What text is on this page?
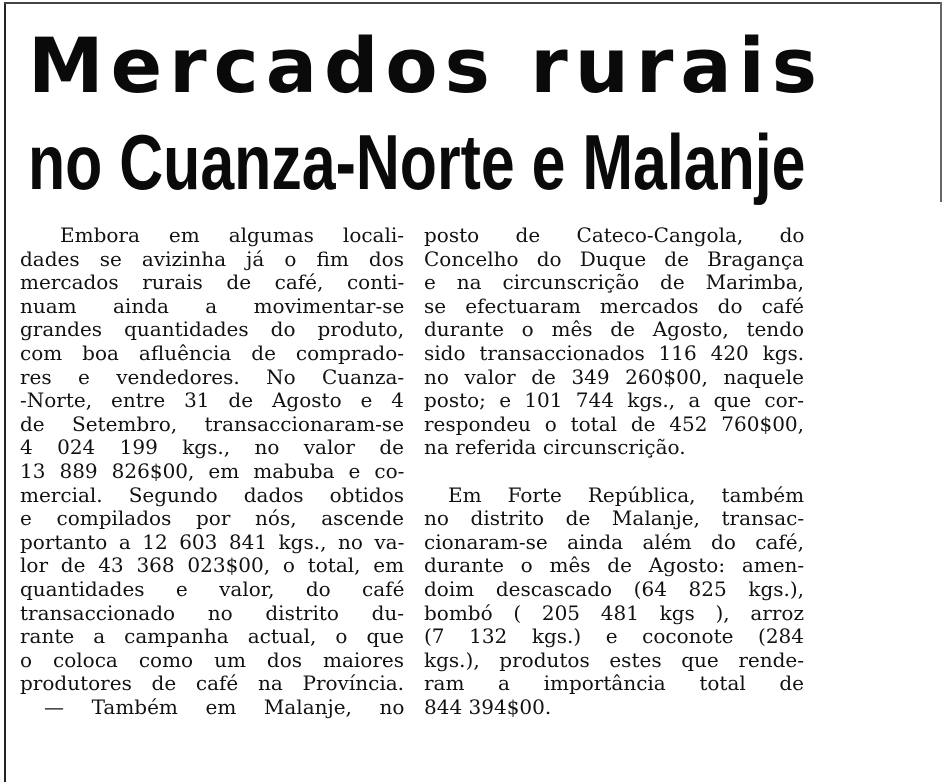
Mercados rurais
no Cuanza-Norte e Malanje
Embora em algumas locali-
dades se avizinha já o fim dos
mercados rurais de café, conti-
nuam ainda a movimentar-se
grandes quantidades do produto,
com boa afluência de comprado-
res e vendedores. No Cuanza-
-Norte, entre 31 de Agosto e 4
de Setembro, transaccionaram-se
4 024 199 kgs., no valor de
13 889 826$00, em mabuba e co-
mercial. Segundo dados obtidos
e compilados por nós, ascende
portanto a 12 603 841 kgs., no va-
lor de 43 368 023$00, o total, em
quantidades e valor, do café
transaccionado no distrito du-
rante a campanha actual, o que
o coloca como um dos maiores
produtores de café na Província.
— Também em Malanje, no
posto de Cateco-Cangola, do
Concelho do Duque de Bragança
e na circunscrição de Marimba,
se efectuaram mercados do café
durante o mês de Agosto, tendo
sido transaccionados 116 420 kgs.
no valor de 349 260$00, naquele
posto; e 101 744 kgs., a que cor-
respondeu o total de 452 760$00,
na referida circunscrição.
Em Forte República, também
no distrito de Malanje, transac-
cionaram-se ainda além do café,
durante o mês de Agosto: amen-
doim descascado (64 825 kgs.),
bombó ( 205 481 kgs ), arroz
(7 132 kgs.) e coconote (284
kgs.), produtos estes que rende-
ram a importância total de
844 394$00.
